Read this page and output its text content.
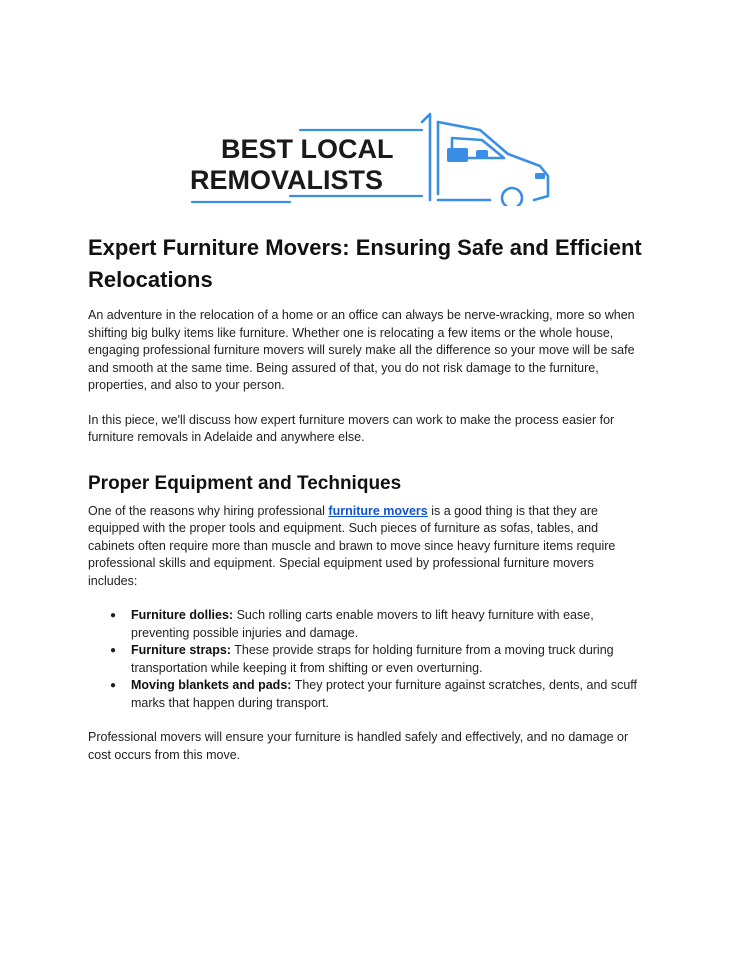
BEST LOCAL
REMOVALISTS
Expert Furniture Movers: Ensuring Safe and Efficient Relocations

An adventure in the relocation of a home or an office can always be nerve-wracking, more so when shifting big bulky items like furniture. Whether one is relocating a few items or the whole house, engaging professional furniture movers will surely make all the difference so your move will be safe and smooth at the same time. Being assured of that, you do not risk damage to the furniture, properties, and also to your person.

In this piece, we'll discuss how expert furniture movers can work to make the process easier for furniture removals in Adelaide and anywhere else.

Proper Equipment and Techniques

One of the reasons why hiring professional furniture movers is a good thing is that they are equipped with the proper tools and equipment. Such pieces of furniture as sofas, tables, and cabinets often require more than muscle and brawn to move since heavy furniture items require professional skills and equipment. Special equipment used by professional furniture movers includes:

● Furniture dollies: Such rolling carts enable movers to lift heavy furniture with ease, preventing possible injuries and damage.
● Furniture straps: These provide straps for holding furniture from a moving truck during transportation while keeping it from shifting or even overturning.
● Moving blankets and pads: They protect your furniture against scratches, dents, and scuff marks that happen during transport.

Professional movers will ensure your furniture is handled safely and effectively, and no damage or cost occurs from this move.
